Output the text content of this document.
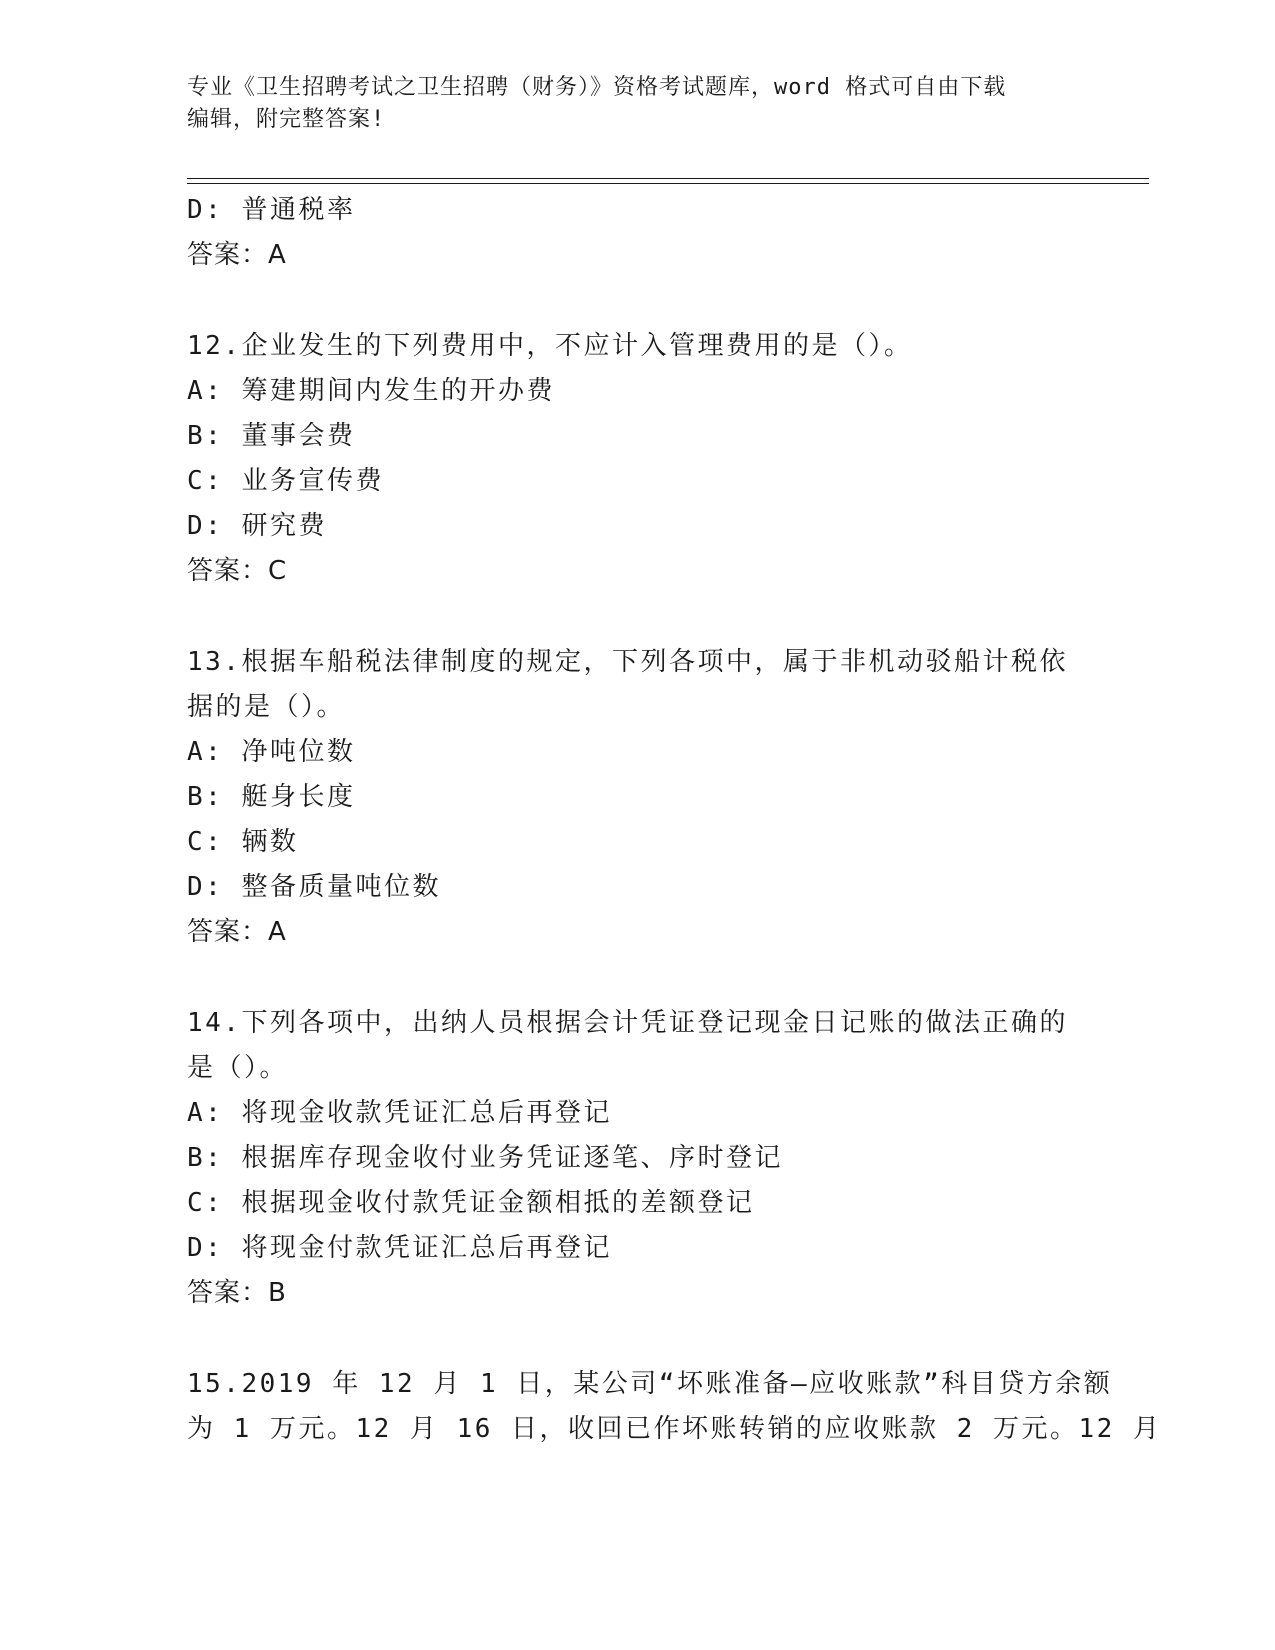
专业《卫生招聘考试之卫生招聘（财务）》资格考试题库，word 格式可自由下载
编辑，附完整答案!
D: 普通税率
答案：A
12.企业发生的下列费用中，不应计入管理费用的是（）。
A: 筹建期间内发生的开办费
B: 董事会费
C: 业务宣传费
D: 研究费
答案：C
13.根据车船税法律制度的规定，下列各项中，属于非机动驳船计税依
据的是（）。
A: 净吨位数
B: 艇身长度
C: 辆数
D: 整备质量吨位数
答案：A
14.下列各项中，出纳人员根据会计凭证登记现金日记账的做法正确的
是（）。
A: 将现金收款凭证汇总后再登记
B: 根据库存现金收付业务凭证逐笔、序时登记
C: 根据现金收付款凭证金额相抵的差额登记
D: 将现金付款凭证汇总后再登记
答案：B
15.2019 年 12 月 1 日，某公司“坏账准备—应收账款”科目贷方余额
为 1 万元。12 月 16 日，收回已作坏账转销的应收账款 2 万元。12 月
